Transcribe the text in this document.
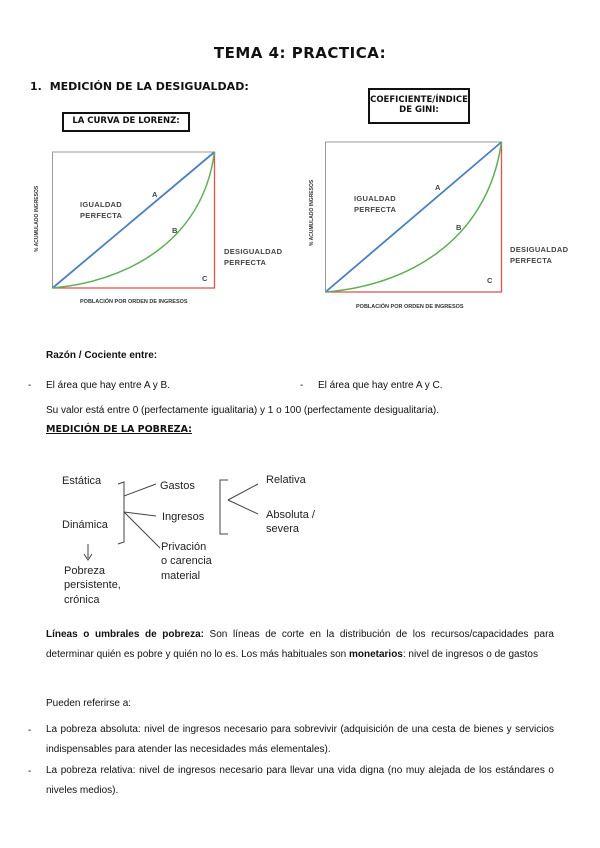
TEMA 4: PRACTICA:
1. MEDICIÓN DE LA DESIGUALDAD:
LA CURVA DE LORENZ:
COEFICIENTE/ÍNDICE
DE GINI:
% ACUMULADO INGRESOS
POBLACIÓN POR ORDEN DE INGRESOS
IGUALDAD
PERFECTA
DESIGUALDAD
PERFECTA
A
B
C
% ACUMULADO INGRESOS
POBLACIÓN POR ORDEN DE INGRESOS
IGUALDAD
PERFECTA
DESIGUALDAD
PERFECTA
A
B
C
Razón / Cociente entre:
- El área que hay entre A y B.	- El área que hay entre A y C.
Su valor está entre 0 (perfectamente igualitaria) y 1 o 100 (perfectamente desigualitaria).
MEDICIÓN DE LA POBREZA:
Estática
Dinámica
Gastos
Ingresos
Privación
o carencia
material
Relativa
Absoluta /
severa
Pobreza
persistente,
crónica
Líneas o umbrales de pobreza: Son líneas de corte en la distribución de los recursos/capacidades para determinar quién es pobre y quién no lo es. Los más habituales son monetarios: nivel de ingresos o de gastos
Pueden referirse a:
- La pobreza absoluta: nivel de ingresos necesario para sobrevivir (adquisición de una cesta de bienes y servicios indispensables para atender las necesidades más elementales).
- La pobreza relativa: nivel de ingresos necesario para llevar una vida digna (no muy alejada de los estándares o niveles medios).
